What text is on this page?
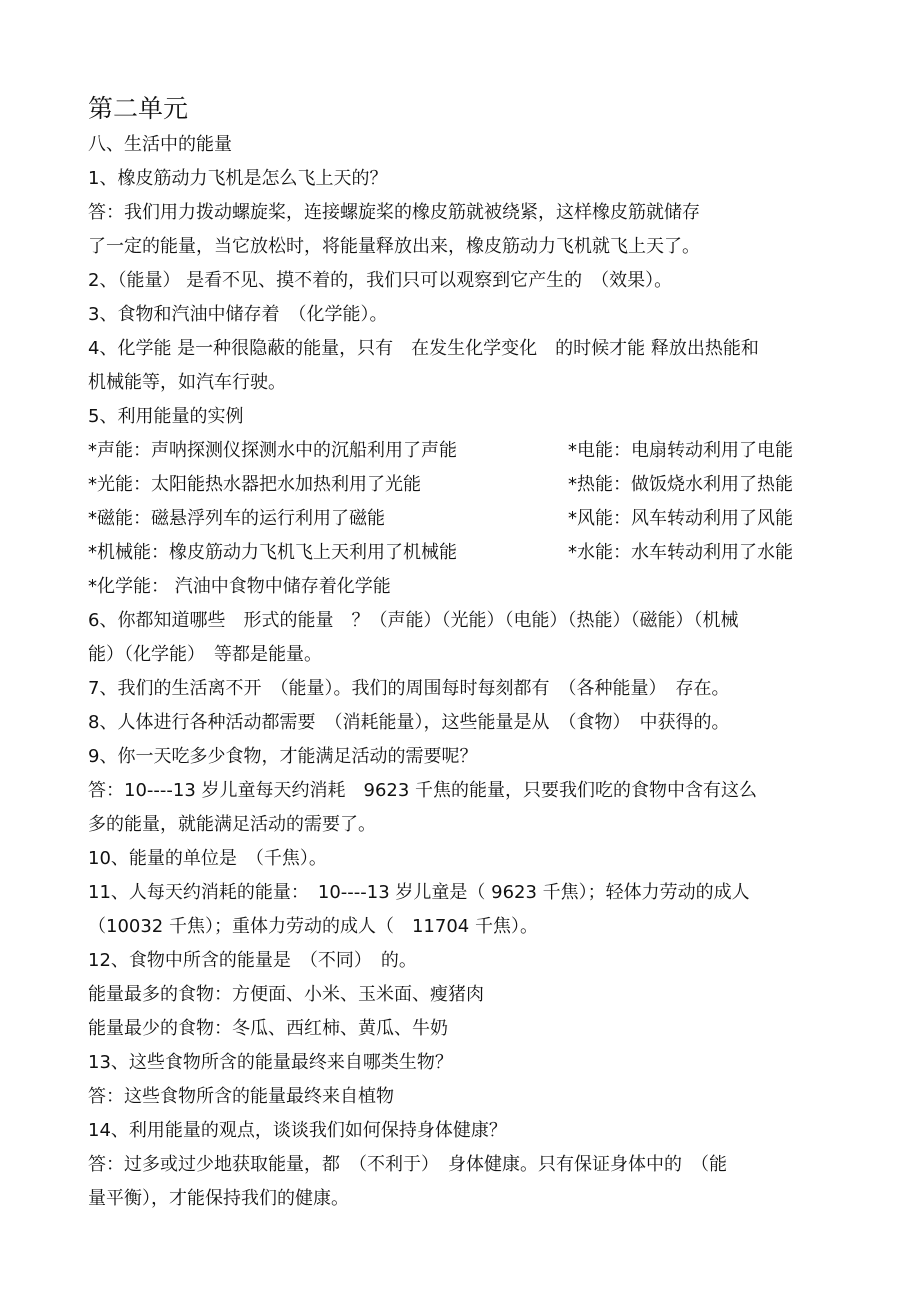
第二单元
八、生活中的能量
1、橡皮筋动力飞机是怎么飞上天的？
答：我们用力拨动螺旋桨，连接螺旋桨的橡皮筋就被绕紧，这样橡皮筋就储存
了一定的能量，当它放松时，将能量释放出来，橡皮筋动力飞机就飞上天了。
2、（能量） 是看不见、摸不着的，我们只可以观察到它产生的　（效果）。
3、食物和汽油中储存着　（化学能）。
4、化学能 是一种很隐蔽的能量，只有　在发生化学变化　的时候才能 释放出热能和
机械能等，如汽车行驶。
5、利用能量的实例
*声能：声呐探测仪探测水中的沉船利用了声能	*电能：电扇转动利用了电能
*光能：太阳能热水器把水加热利用了光能	*热能：做饭烧水利用了热能
*磁能：磁悬浮列车的运行利用了磁能	*风能：风车转动利用了风能
*机械能：橡皮筋动力飞机飞上天利用了机械能	*水能：水车转动利用了水能
*化学能： 汽油中食物中储存着化学能
6、你都知道哪些　形式的能量　？（声能）（光能）（电能）（热能）（磁能）（机械
能）（化学能）　等都是能量。
7、我们的生活离不开　（能量）。我们的周围每时每刻都有　（各种能量）　存在。
8、人体进行各种活动都需要　（消耗能量），这些能量是从　（食物）　中获得的。
9、你一天吃多少食物，才能满足活动的需要呢？
答：10----13 岁儿童每天约消耗　9623 千焦的能量，只要我们吃的食物中含有这么
多的能量，就能满足活动的需要了。
10、能量的单位是　（千焦）。
11、人每天约消耗的能量：　10----13 岁儿童是（ 9623 千焦）；轻体力劳动的成人
（10032 千焦）；重体力劳动的成人（　11704 千焦）。
12、食物中所含的能量是　（不同）　的。
能量最多的食物：方便面、小米、玉米面、瘦猪肉
能量最少的食物：冬瓜、西红柿、黄瓜、牛奶
13、这些食物所含的能量最终来自哪类生物？
答：这些食物所含的能量最终来自植物
14、利用能量的观点，谈谈我们如何保持身体健康？
答：过多或过少地获取能量，都　（不利于）　身体健康。只有保证身体中的　（能
量平衡），才能保持我们的健康。
